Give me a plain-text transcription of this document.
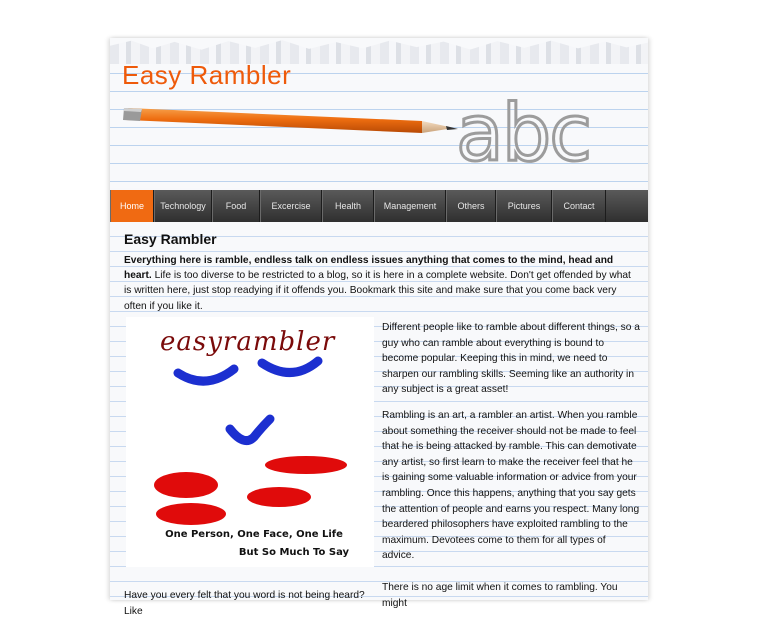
Easy Rambler
abc
Home	Technology	Food	Excercise	Health	Management	Others	Pictures	Contact
Easy Rambler
Everything here is ramble, endless talk on endless issues anything that comes to the mind, head and heart. Life is too diverse to be restricted to a blog, so it is here in a complete website. Don't get offended by what is written here, just stop readying if it offends you. Bookmark this site and make sure that you come back very often if you like it.
easyrambler
One Person, One Face, One Life
But So Much To Say
Different people like to ramble about different things, so a guy who can ramble about everything is bound to become popular. Keeping this in mind, we need to sharpen our rambling skills. Seeming like an authority in any subject is a great asset!
Rambling is an art, a rambler an artist. When you ramble about something the receiver should not be made to feel that he is being attacked by ramble. This can demotivate any artist, so first learn to make the receiver feel that he is gaining some valuable information or advice from your rambling. Once this happens, anything that you say gets the attention of people and earns you respect. Many long beardered philosophers have exploited rambling to the maximum. Devotees come to them for all types of advice.
There is no age limit when it comes to rambling. You might
Have you every felt that you word is not being heard? Like
